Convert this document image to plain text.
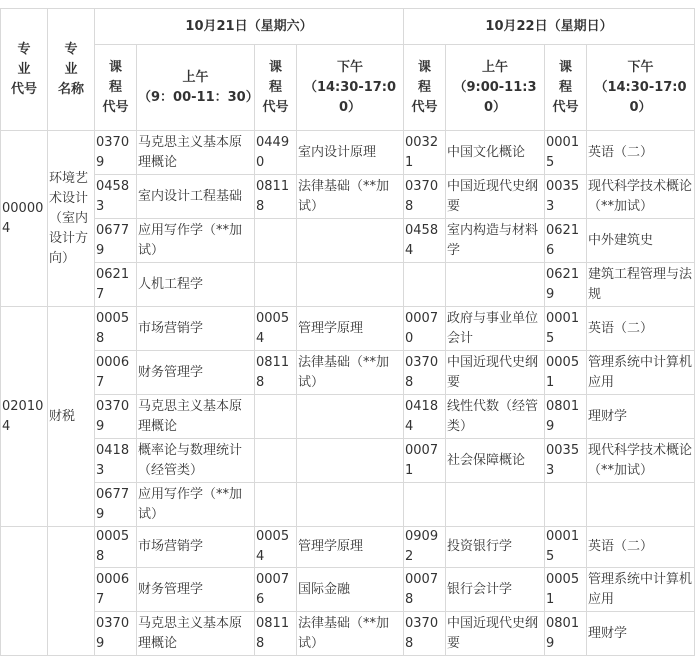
专
业
代号	专
业
名称	10月21日（星期六）				10月22日（星期日）			
		课
程
代号	上午
（9：00-11：30）	课
程
代号	下午
（14:30-17:00）	课
程
代号	上午
（9:00-11:30）	课
程
代号	下午
（14:30-17:00）
000004	环境艺术设计（室内设计方向）	03709	马克思主义基本原理概论	04490	室内设计原理	00321	中国文化概论	00015	英语（二）
		04583	室内设计工程基础	08118	法律基础（**加试）	03708	中国近现代史纲要	00353	现代科学技术概论（**加试）
		06779	应用写作学（**加试）			04584	室内构造与材料学	06216	中外建筑史
		06217	人机工程学					06219	建筑工程管理与法规
020104	财税	00058	市场营销学	00054	管理学原理	00070	政府与事业单位会计	00015	英语（二）
		00067	财务管理学	08118	法律基础（**加试）	03708	中国近现代史纲要	00051	管理系统中计算机应用
		03709	马克思主义基本原理概论			04184	线性代数（经管类）	08019	理财学
		04183	概率论与数理统计（经管类）			00071	社会保障概论	00353	现代科学技术概论（**加试）
		06779	应用写作学（**加试）						
		00058	市场营销学	00054	管理学原理	09092	投资银行学	00015	英语（二）
		00067	财务管理学	00076	国际金融	00078	银行会计学	00051	管理系统中计算机应用
		03709	马克思主义基本原理概论	08118	法律基础（**加试）	03708	中国近现代史纲要	08019	理财学
